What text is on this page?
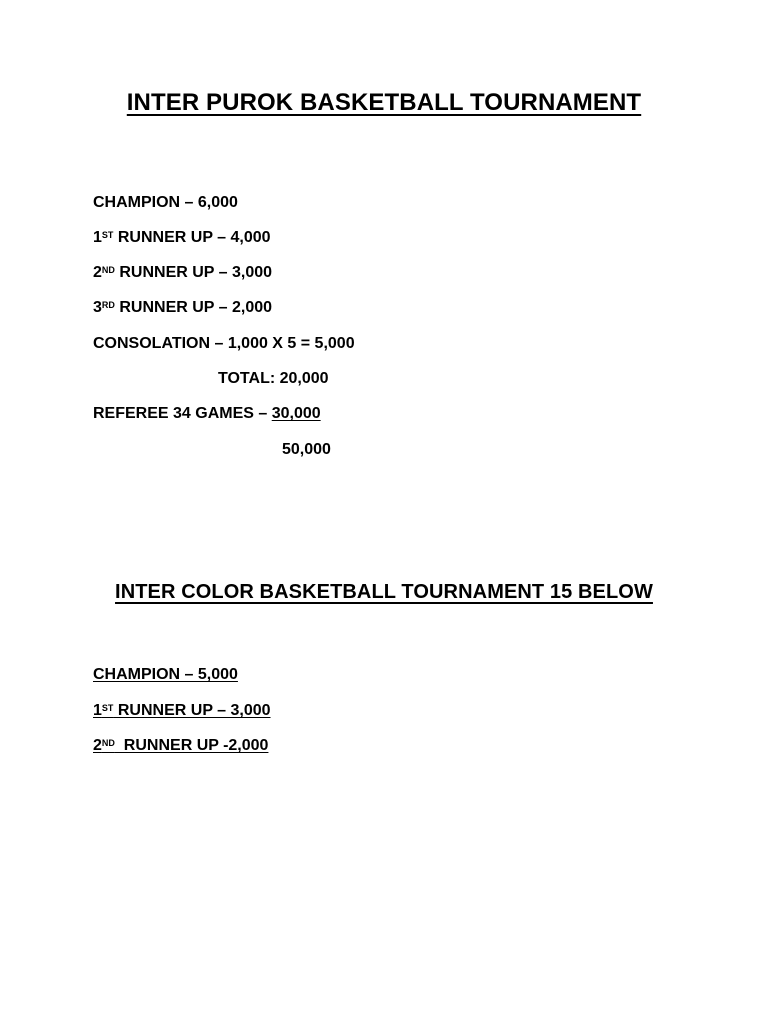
INTER PUROK BASKETBALL TOURNAMENT
CHAMPION – 6,000
1ST RUNNER UP – 4,000
2ND RUNNER UP – 3,000
3RD RUNNER UP – 2,000
CONSOLATION – 1,000 X 5 = 5,000
TOTAL: 20,000
REFEREE 34 GAMES – 30,000
50,000
INTER COLOR BASKETBALL TOURNAMENT 15 BELOW
CHAMPION – 5,000
1ST RUNNER UP – 3,000
2ND  RUNNER UP -2,000
